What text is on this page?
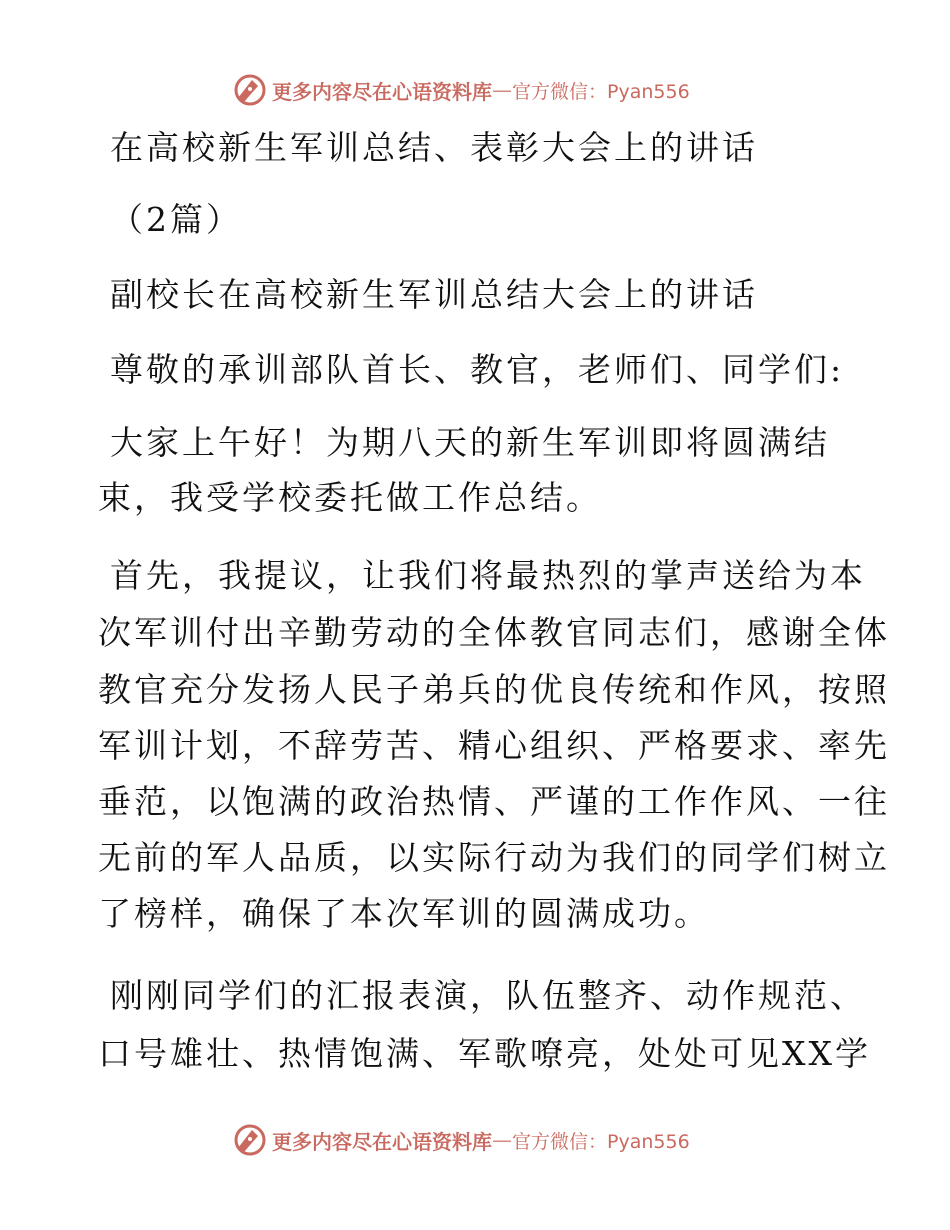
更多内容尽在心语资料库 — 官方微信：Pyan556
在高校新生军训总结、表彰大会上的讲话
（2篇）
副校长在高校新生军训总结大会上的讲话
尊敬的承训部队首长、教官，老师们、同学们:
大家上午好！为期八天的新生军训即将圆满结
束，我受学校委托做工作总结。
首先，我提议，让我们将最热烈的掌声送给为本
次军训付出辛勤劳动的全体教官同志们，感谢全体
教官充分发扬人民子弟兵的优良传统和作风，按照
军训计划，不辞劳苦、精心组织、严格要求、率先
垂范，以饱满的政治热情、严谨的工作作风、一往
无前的军人品质，以实际行动为我们的同学们树立
了榜样，确保了本次军训的圆满成功。
刚刚同学们的汇报表演，队伍整齐、动作规范、
口号雄壮、热情饱满、军歌嘹亮，处处可见XX学
更多内容尽在心语资料库 — 官方微信：Pyan556
